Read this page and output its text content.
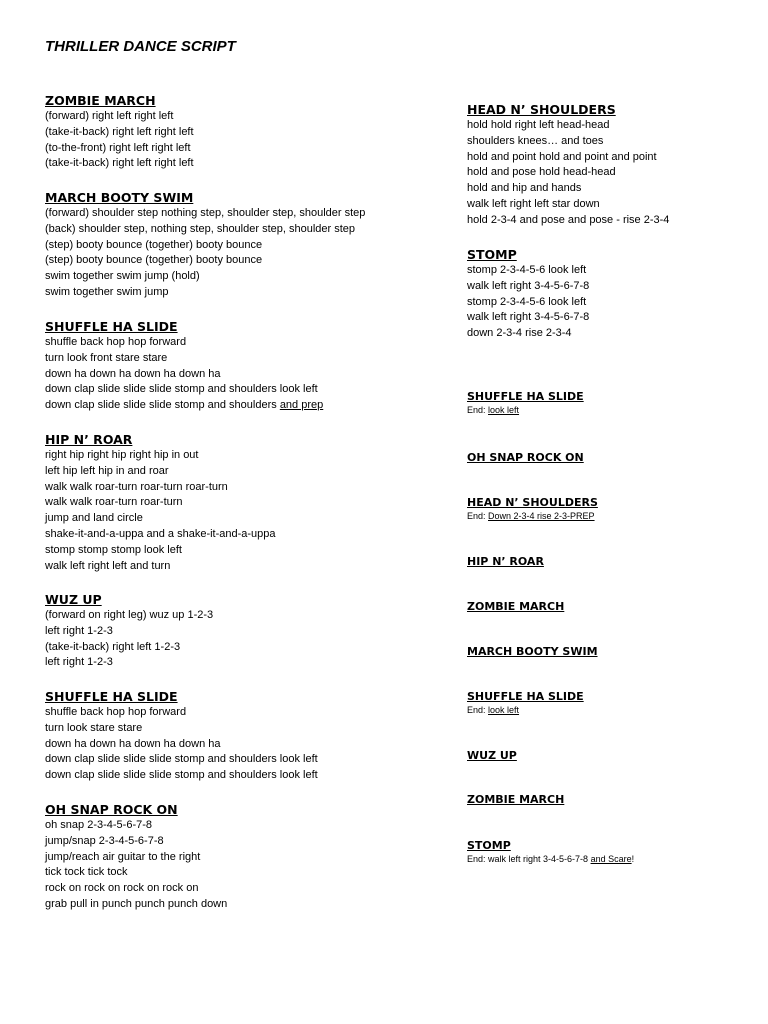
THRILLER DANCE SCRIPT
ZOMBIE MARCH
(forward) right left right left
(take-it-back) right left right left
(to-the-front) right left right left
(take-it-back) right left right left
MARCH BOOTY SWIM
(forward) shoulder step nothing step, shoulder step, shoulder step
(back) shoulder step, nothing step, shoulder step, shoulder step
(step) booty bounce (together) booty bounce
(step) booty bounce (together) booty bounce
swim together swim jump (hold)
swim together swim jump
SHUFFLE HA SLIDE
shuffle back hop hop forward
turn look front stare stare
down ha down ha down ha down ha
down clap slide slide slide stomp and shoulders look left
down clap slide slide slide stomp and shoulders and prep
HIP N’ ROAR
right hip right hip right hip in out
left hip left hip in and roar
walk walk roar-turn roar-turn roar-turn
walk walk roar-turn roar-turn
jump and land circle
shake-it-and-a-uppa and a shake-it-and-a-uppa
stomp stomp stomp look left
walk left right left and turn
WUZ UP
(forward on right leg) wuz up 1-2-3
left right 1-2-3
(take-it-back) right left 1-2-3
left right 1-2-3
SHUFFLE HA SLIDE
shuffle back hop hop forward
turn look stare stare
down ha down ha down ha down ha
down clap slide slide slide stomp and shoulders look left
down clap slide slide slide stomp and shoulders look left
OH SNAP ROCK ON
oh snap 2-3-4-5-6-7-8
jump/snap 2-3-4-5-6-7-8
jump/reach air guitar to the right
tick tock tick tock
rock on rock on rock on rock on
grab pull in punch punch punch down
HEAD N’ SHOULDERS
hold hold right left head-head
shoulders knees… and toes
hold and point hold and point and point
hold and pose hold head-head
hold and hip and hands
walk left right left star down
hold 2-3-4 and pose and pose - rise 2-3-4
STOMP
stomp 2-3-4-5-6 look left
walk left right 3-4-5-6-7-8
stomp 2-3-4-5-6 look left
walk left right 3-4-5-6-7-8
down 2-3-4 rise 2-3-4
SHUFFLE HA SLIDE
End: look left
OH SNAP ROCK ON
HEAD N’ SHOULDERS
End: Down 2-3-4 rise 2-3-PREP
HIP N’ ROAR
ZOMBIE MARCH
MARCH BOOTY SWIM
SHUFFLE HA SLIDE
End: look left
WUZ UP
ZOMBIE MARCH
STOMP
End: walk left right 3-4-5-6-7-8 and Scare!
